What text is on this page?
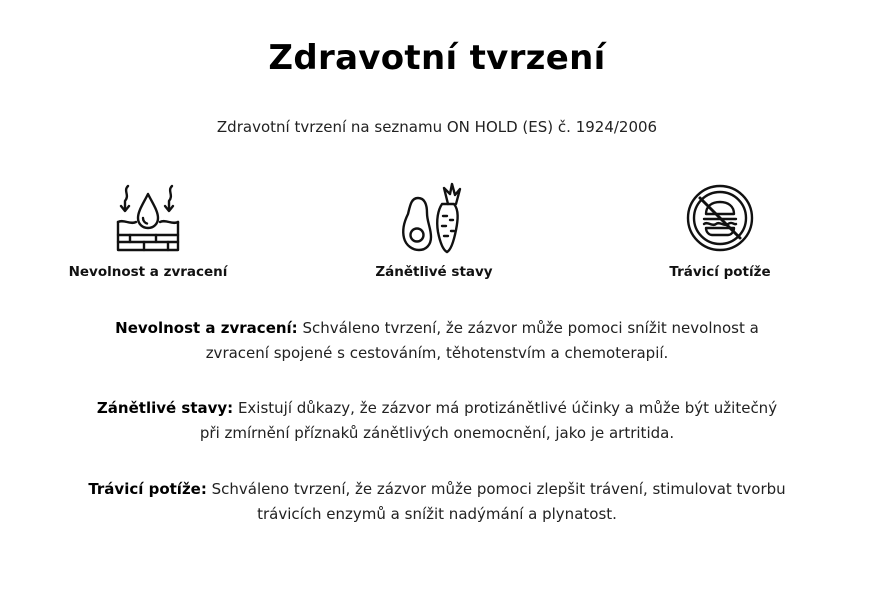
Zdravotní tvrzení
Zdravotní tvrzení na seznamu ON HOLD (ES) č. 1924/2006
Nevolnost a zvracení	Zánětlivé stavy	Trávicí potíže
Nevolnost a zvracení: Schváleno tvrzení, že zázvor může pomoci snížit nevolnost a zvracení spojené s cestováním, těhotenstvím a chemoterapií.
Zánětlivé stavy: Existují důkazy, že zázvor má protizánětlivé účinky a může být užitečný při zmírnění příznaků zánětlivých onemocnění, jako je artritida.
Trávicí potíže: Schváleno tvrzení, že zázvor může pomoci zlepšit trávení, stimulovat tvorbu trávicích enzymů a snížit nadýmání a plynatost.
